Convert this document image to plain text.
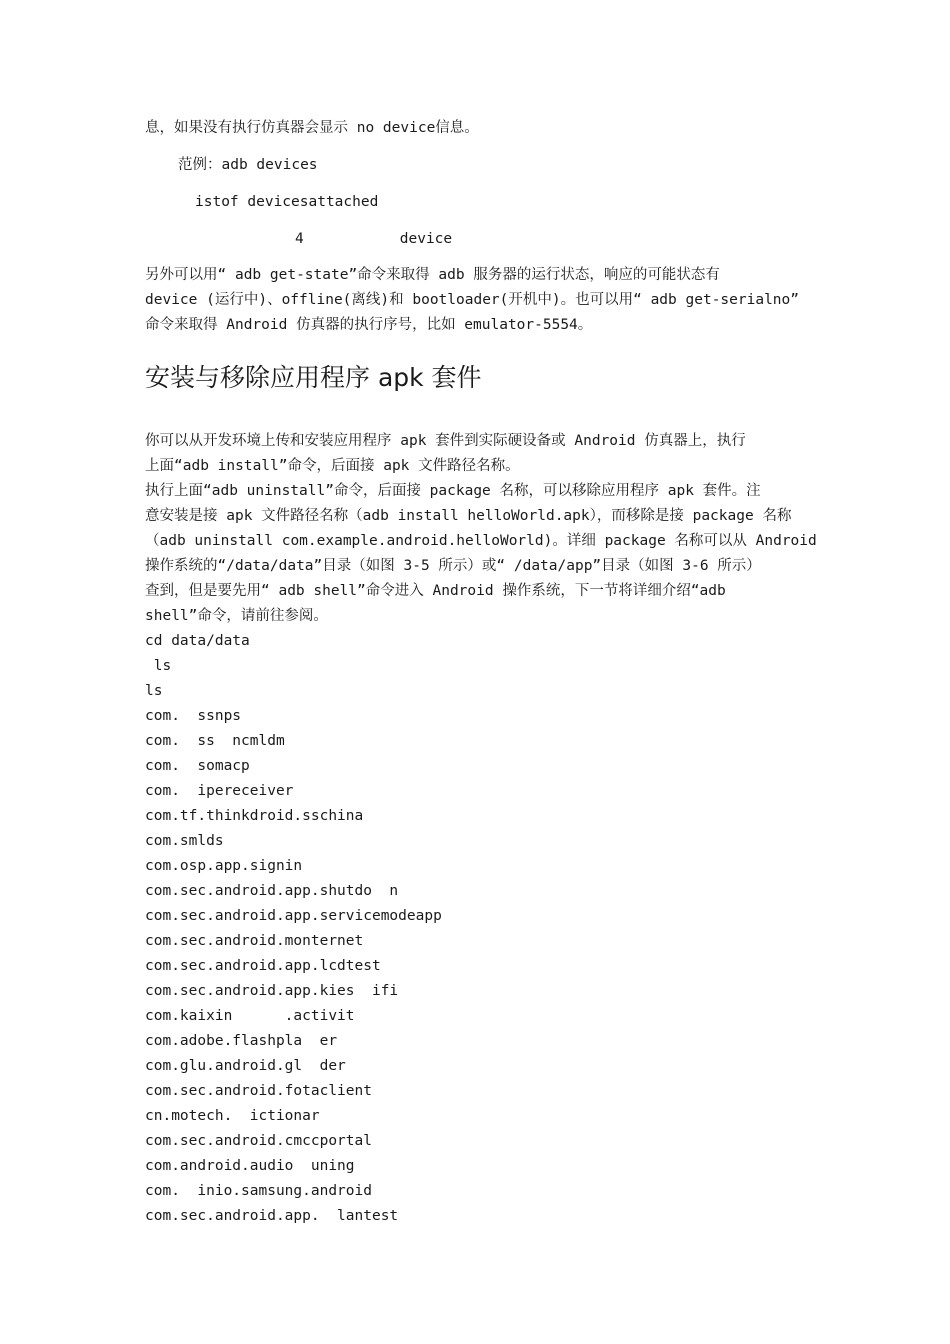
息，如果没有执行仿真器会显示 no device信息。
范例：adb devices
istof devicesattached
4           device
另外可以用“ adb get-state”命令来取得 adb 服务器的运行状态，响应的可能状态有
device (运行中)、offline(离线)和 bootloader(开机中)。也可以用“ adb get-serialno”
命令来取得 Android 仿真器的执行序号，比如 emulator-5554。
安装与移除应用程序 apk 套件
你可以从开发环境上传和安装应用程序 apk 套件到实际硬设备或 Android 仿真器上，执行
上面“adb install”命令，后面接 apk 文件路径名称。
执行上面“adb uninstall”命令，后面接 package 名称，可以移除应用程序 apk 套件。注
意安装是接 apk 文件路径名称（adb install helloWorld.apk），而移除是接 package 名称
（adb uninstall com.example.android.helloWorld)。详细 package 名称可以从 Android
操作系统的“/data/data”目录（如图 3-5 所示）或“ /data/app”目录（如图 3-6 所示）
查到，但是要先用“ adb shell”命令进入 Android 操作系统，下一节将详细介绍“adb
shell”命令，请前往参阅。
cd data/data
ls
ls
com.  ssnps
com.  ss  ncmldm
com.  somacp
com.  ipereceiver
com.tf.thinkdroid.sschina
com.smlds
com.osp.app.signin
com.sec.android.app.shutdo  n
com.sec.android.app.servicemodeapp
com.sec.android.monternet
com.sec.android.app.lcdtest
com.sec.android.app.kies  ifi
com.kaixin      .activit
com.adobe.flashpla  er
com.glu.android.gl  der
com.sec.android.fotaclient
cn.motech.  ictionar
com.sec.android.cmccportal
com.android.audio  uning
com.  inio.samsung.android
com.sec.android.app.  lantest
